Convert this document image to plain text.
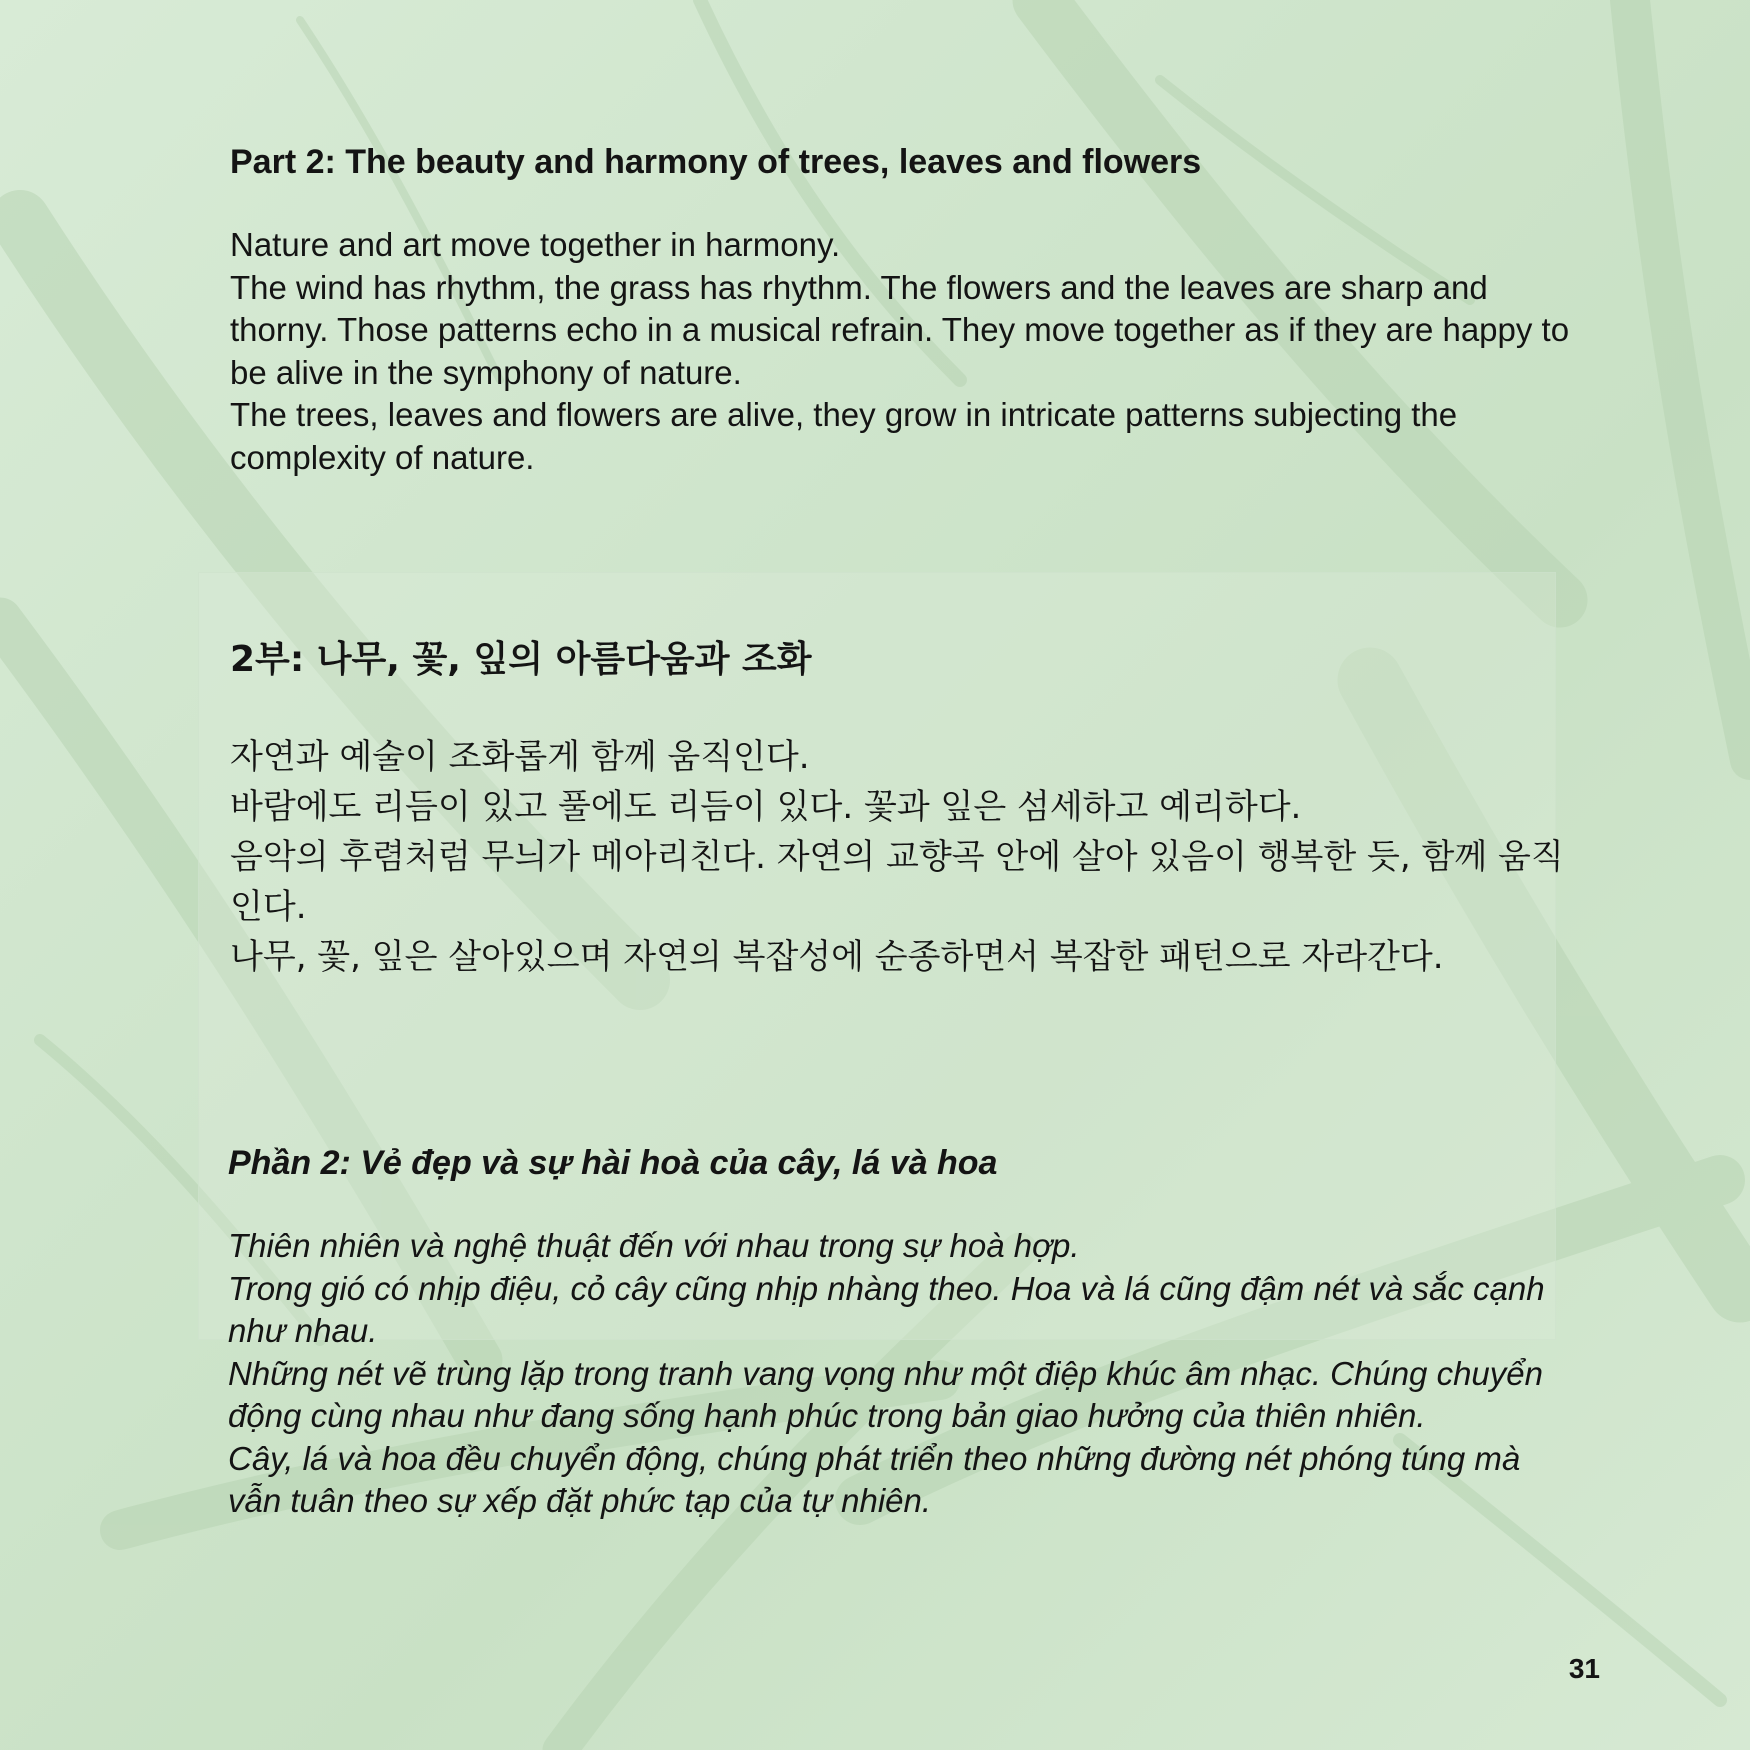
Part 2: The beauty and harmony of trees, leaves and flowers

Nature and art move together in harmony.

The wind has rhythm, the grass has rhythm. The flowers and the leaves are sharp and thorny. Those patterns echo in a musical refrain. They move together as if they are happy to be alive in the symphony of nature.

The trees, leaves and flowers are alive, they grow in intricate patterns subjecting the complexity of nature.

2부: 나무, 꽃, 잎의 아름다움과 조화

자연과 예술이 조화롭게 함께 움직인다.

바람에도 리듬이 있고 풀에도 리듬이 있다. 꽃과 잎은 섬세하고 예리하다.

음악의 후렴처럼 무늬가 메아리친다. 자연의 교향곡 안에 살아 있음이 행복한 듯, 함께 움직인다.

나무, 꽃, 잎은 살아있으며 자연의 복잡성에 순종하면서 복잡한 패턴으로 자라간다.

Phần 2: Vẻ đẹp và sự hài hoà của cây, lá và hoa

Thiên nhiên và nghệ thuật đến với nhau trong sự hoà hợp.

Trong gió có nhịp điệu, cỏ cây cũng nhịp nhàng theo. Hoa và lá cũng đậm nét và sắc cạnh như nhau.

Những nét vẽ trùng lặp trong tranh vang vọng như một điệp khúc âm nhạc. Chúng chuyển động cùng nhau như đang sống hạnh phúc trong bản giao hưởng của thiên nhiên.

Cây, lá và hoa đều chuyển động, chúng phát triển theo những đường nét phóng túng mà vẫn tuân theo sự xếp đặt phức tạp của tự nhiên.

31
